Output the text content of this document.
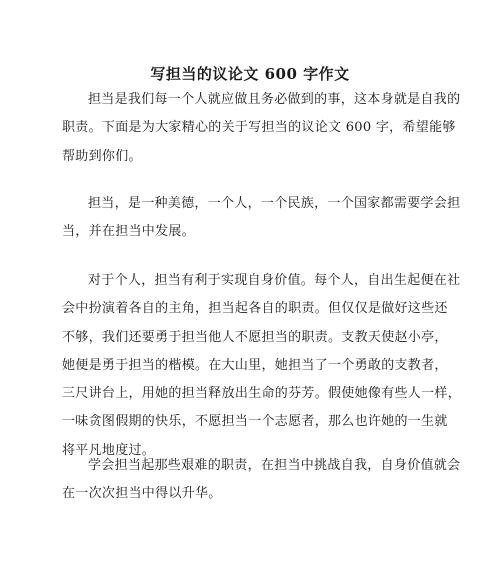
写担当的议论文 600 字作文
担当是我们每一个人就应做且务必做到的事，这本身就是自我的
职责。下面是为大家精心的关于写担当的议论文 600 字，希望能够
帮助到你们。
担当，是一种美德，一个人，一个民族，一个国家都需要学会担
当，并在担当中发展。
对于个人，担当有利于实现自身价值。每个人，自出生起便在社
会中扮演着各自的主角，担当起各自的职责。但仅仅是做好这些还
不够，我们还要勇于担当他人不愿担当的职责。支教天使赵小亭，
她便是勇于担当的楷模。在大山里，她担当了一个勇敢的支教者，
三尺讲台上，用她的担当释放出生命的芬芳。假使她像有些人一样，
一味贪图假期的快乐，不愿担当一个志愿者，那么也许她的一生就
将平凡地度过。
学会担当起那些艰难的职责，在担当中挑战自我，自身价值就会
在一次次担当中得以升华。
